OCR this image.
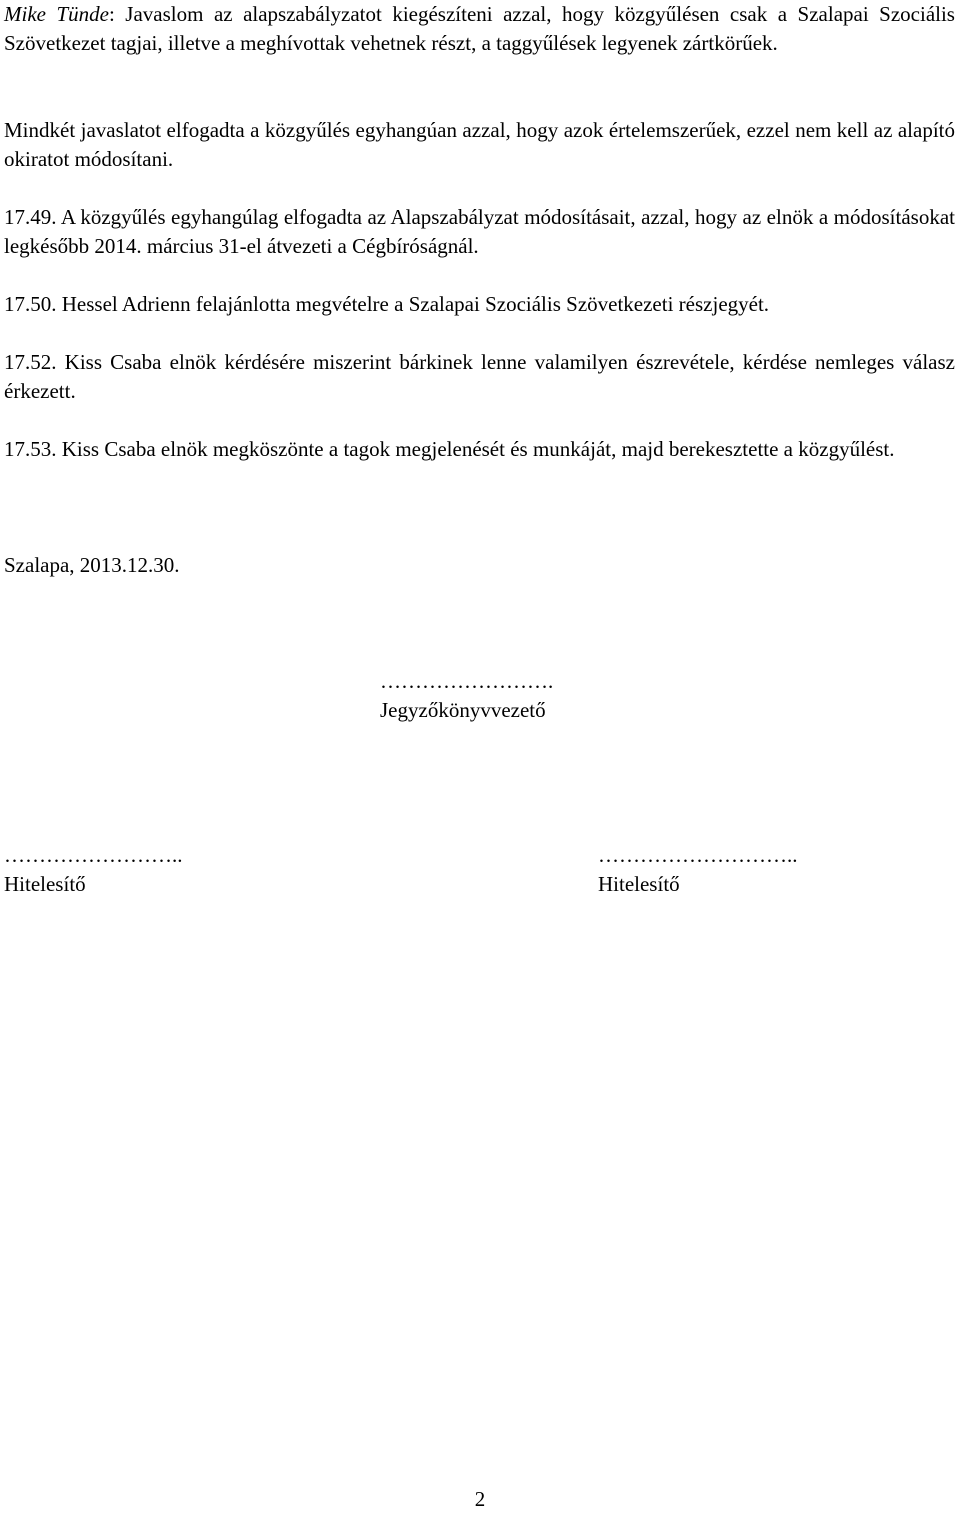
Mike Tünde: Javaslom az alapszabályzatot kiegészíteni azzal, hogy közgyűlésen csak a Szalapai Szociális Szövetkezet tagjai, illetve a meghívottak vehetnek részt, a taggyűlések legyenek zártkörűek.

Mindkét javaslatot elfogadta a közgyűlés egyhangúan azzal, hogy azok értelemszerűek, ezzel nem kell az alapító okiratot módosítani.

17.49. A közgyűlés egyhangúlag elfogadta az Alapszabályzat módosításait, azzal, hogy az elnök a módosításokat legkésőbb 2014. március 31-el átvezeti a Cégbíróságnál.

17.50. Hessel Adrienn felajánlotta megvételre a Szalapai Szociális Szövetkezeti részjegyét.

17.52. Kiss Csaba elnök kérdésére miszerint bárkinek lenne valamilyen észrevétele, kérdése nemleges válasz érkezett.

17.53. Kiss Csaba elnök megköszönte a tagok megjelenését és munkáját, majd berekesztette a közgyűlést.

Szalapa, 2013.12.30.

…………………….
Jegyzőkönyvvezető
……………………..
Hitelesítő
………………………..
Hitelesítő
2
